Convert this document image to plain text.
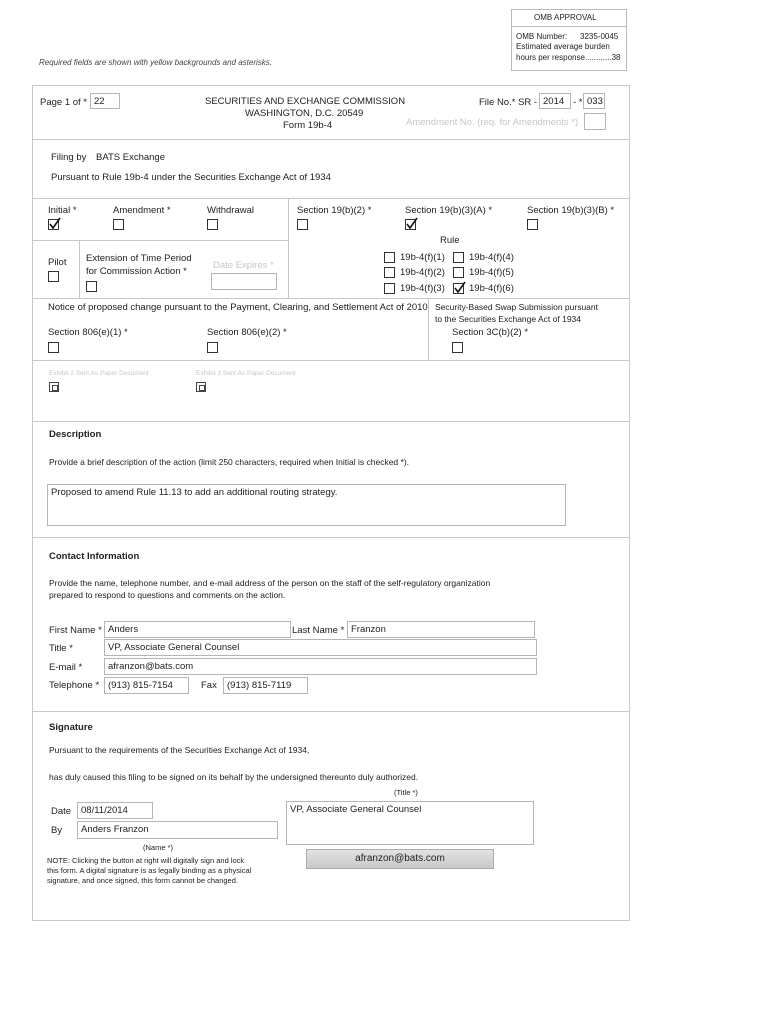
OMB APPROVAL
OMB Number: 3235-0045
Estimated average burden
hours per response............38
Required fields are shown with yellow backgrounds and asterisks.
Page 1 of * 22	SECURITIES AND EXCHANGE COMMISSION
WASHINGTON, D.C. 20549
Form 19b-4
File No.* SR - 2014 - * 033
Amendment No. (req. for Amendments *)
Filing by BATS Exchange
Pursuant to Rule 19b-4 under the Securities Exchange Act of 1934
Initial *	Amendment *	Withdrawal	Section 19(b)(2) *	Section 19(b)(3)(A) *	Section 19(b)(3)(B) *
Rule
Pilot Extension of Time Period
for Commission Action *
Date Expires *
19b-4(f)(1)	19b-4(f)(4)
19b-4(f)(2)	19b-4(f)(5)
19b-4(f)(3)	19b-4(f)(6)
Notice of proposed change pursuant to the Payment, Clearing, and Settlement Act of 2010
Section 806(e)(1) *	Section 806(e)(2) *
Security-Based Swap Submission pursuant
to the Securities Exchange Act of 1934
Section 3C(b)(2) *
Exhibit 2 Sent As Paper Document	Exhibit 3 Sent As Paper Document
Description
Provide a brief description of the action (limit 250 characters, required when Initial is checked *).
Proposed to amend Rule 11.13 to add an additional routing strategy.
Contact Information
Provide the name, telephone number, and e-mail address of the person on the staff of the self-regulatory organization
prepared to respond to questions and comments on the action.
First Name * Anders	Last Name * Franzon
Title *	VP, Associate General Counsel
E-mail *	afranzon@bats.com
Telephone * (913) 815-7154	Fax	(913) 815-7119
Signature
Pursuant to the requirements of the Securities Exchange Act of 1934,
has duly caused this filing to be signed on its behalf by the undersigned thereunto duly authorized.
(Title *)
Date	08/11/2014	VP, Associate General Counsel
By	Anders Franzon
(Name *)
afranzon@bats.com
NOTE: Clicking the button at right will digitally sign and lock
this form. A digital signature is as legally binding as a physical
signature, and once signed, this form cannot be changed.
